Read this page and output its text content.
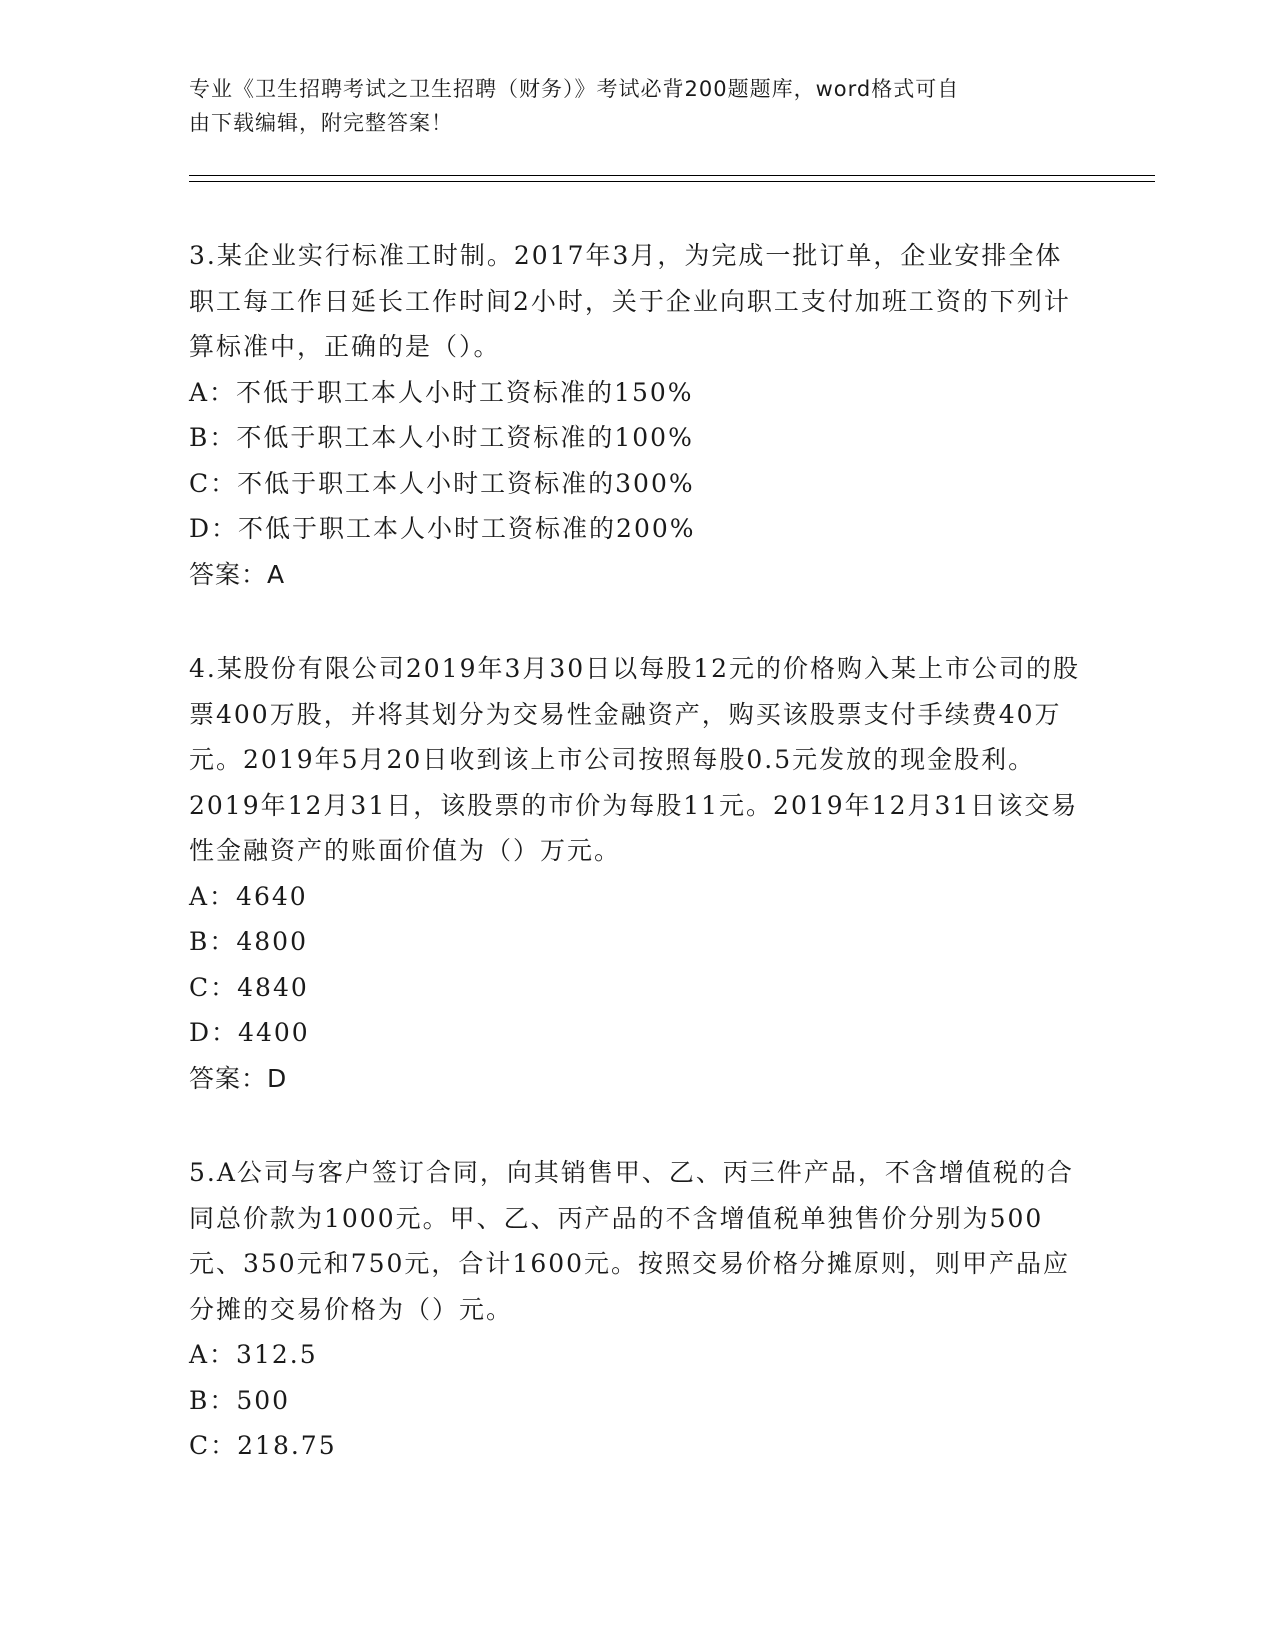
专业《卫生招聘考试之卫生招聘（财务）》考试必背200题题库，word格式可自
由下载编辑，附完整答案！
3.某企业实行标准工时制。2017年3月，为完成一批订单，企业安排全体职工每工作日延长工作时间2小时，关于企业向职工支付加班工资的下列计算标准中，正确的是（）。
A：不低于职工本人小时工资标准的150%
B：不低于职工本人小时工资标准的100%
C：不低于职工本人小时工资标准的300%
D：不低于职工本人小时工资标准的200%
答案：A
4.某股份有限公司2019年3月30日以每股12元的价格购入某上市公司的股票400万股，并将其划分为交易性金融资产，购买该股票支付手续费40万元。2019年5月20日收到该上市公司按照每股0.5元发放的现金股利。2019年12月31日，该股票的市价为每股11元。2019年12月31日该交易性金融资产的账面价值为（）万元。
A：4640
B：4800
C：4840
D：4400
答案：D
5.A公司与客户签订合同，向其销售甲、乙、丙三件产品，不含增值税的合同总价款为1000元。甲、乙、丙产品的不含增值税单独售价分别为500元、350元和750元，合计1600元。按照交易价格分摊原则，则甲产品应分摊的交易价格为（）元。
A：312.5
B：500
C：218.75
